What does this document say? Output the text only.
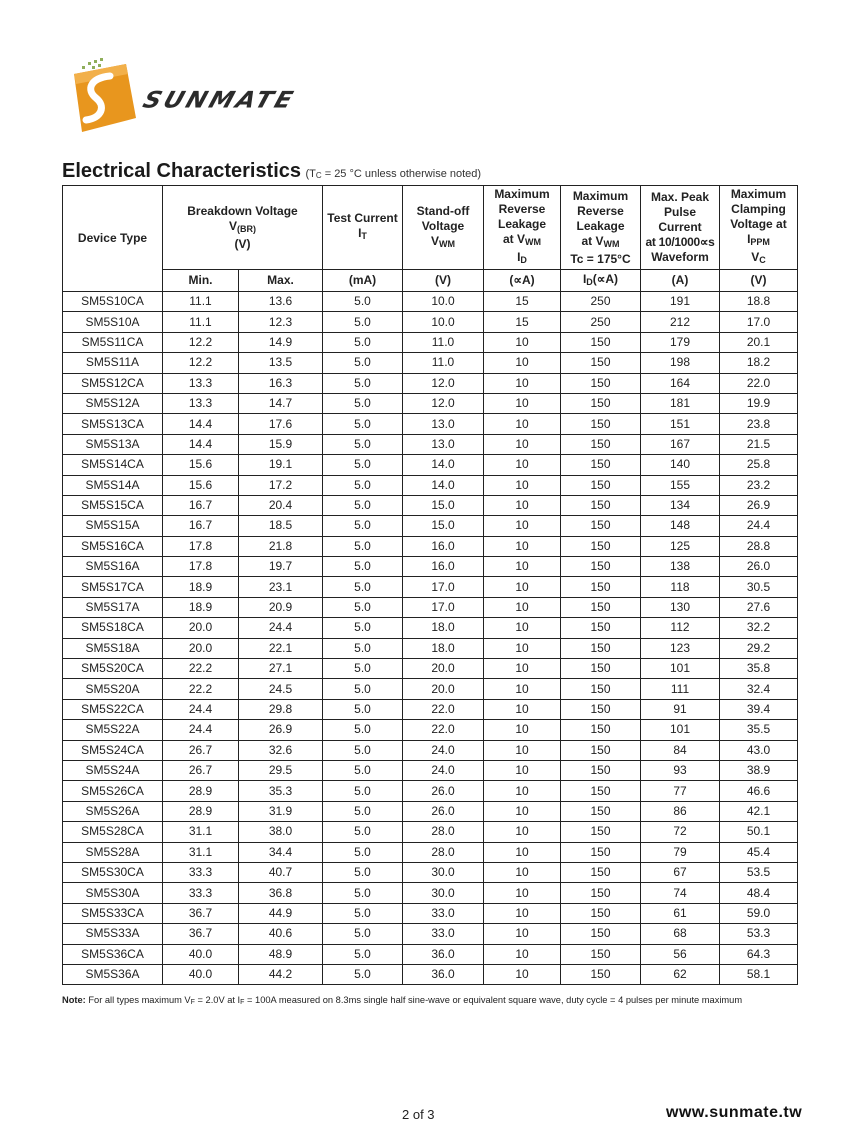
SUNMATE
Electrical Characteristics ($T_C = 25$ °C unless otherwise noted)
Device Type	
Breakdown Voltage
$V_{(BR)}$
(V)

Test Current
$I_T$

Stand-off
Voltage
$V_{WM}$

Maximum
Reverse
Leakage
at $V_{WM}$
$I_D$

Maximum
Reverse
Leakage
at $V_{WM}$
Tc = 175°C

Max. Peak
Pulse
Current
at 10/1000∝s
Waveform

Maximum
Clamping
Voltage at
$I_{PPM}$
$V_C$

	Min.	Max.	(mA)	(V)	(∝A)	$I_D(\propto A)$	(A)	(V)
SM5S10CA	11.1	13.6	5.0	10.0	15	250	191	18.8
SM5S10A	11.1	12.3	5.0	10.0	15	250	212	17.0
SM5S11CA	12.2	14.9	5.0	11.0	10	150	179	20.1
SM5S11A	12.2	13.5	5.0	11.0	10	150	198	18.2
SM5S12CA	13.3	16.3	5.0	12.0	10	150	164	22.0
SM5S12A	13.3	14.7	5.0	12.0	10	150	181	19.9
SM5S13CA	14.4	17.6	5.0	13.0	10	150	151	23.8
SM5S13A	14.4	15.9	5.0	13.0	10	150	167	21.5
SM5S14CA	15.6	19.1	5.0	14.0	10	150	140	25.8
SM5S14A	15.6	17.2	5.0	14.0	10	150	155	23.2
SM5S15CA	16.7	20.4	5.0	15.0	10	150	134	26.9
SM5S15A	16.7	18.5	5.0	15.0	10	150	148	24.4
SM5S16CA	17.8	21.8	5.0	16.0	10	150	125	28.8
SM5S16A	17.8	19.7	5.0	16.0	10	150	138	26.0
SM5S17CA	18.9	23.1	5.0	17.0	10	150	118	30.5
SM5S17A	18.9	20.9	5.0	17.0	10	150	130	27.6
SM5S18CA	20.0	24.4	5.0	18.0	10	150	112	32.2
SM5S18A	20.0	22.1	5.0	18.0	10	150	123	29.2
SM5S20CA	22.2	27.1	5.0	20.0	10	150	101	35.8
SM5S20A	22.2	24.5	5.0	20.0	10	150	111	32.4
SM5S22CA	24.4	29.8	5.0	22.0	10	150	91	39.4
SM5S22A	24.4	26.9	5.0	22.0	10	150	101	35.5
SM5S24CA	26.7	32.6	5.0	24.0	10	150	84	43.0
SM5S24A	26.7	29.5	5.0	24.0	10	150	93	38.9
SM5S26CA	28.9	35.3	5.0	26.0	10	150	77	46.6
SM5S26A	28.9	31.9	5.0	26.0	10	150	86	42.1
SM5S28CA	31.1	38.0	5.0	28.0	10	150	72	50.1
SM5S28A	31.1	34.4	5.0	28.0	10	150	79	45.4
SM5S30CA	33.3	40.7	5.0	30.0	10	150	67	53.5
SM5S30A	33.3	36.8	5.0	30.0	10	150	74	48.4
SM5S33CA	36.7	44.9	5.0	33.0	10	150	61	59.0
SM5S33A	36.7	40.6	5.0	33.0	10	150	68	53.3
SM5S36CA	40.0	48.9	5.0	36.0	10	150	56	64.3
SM5S36A	40.0	44.2	5.0	36.0	10	150	62	58.1
Note: For all types maximum VF = 2.0V at IF = 100A measured on 8.3ms single half sine-wave or equivalent square wave, duty cycle = 4 pulses per minute maximum
2 of 3	www.sunmate.tw
